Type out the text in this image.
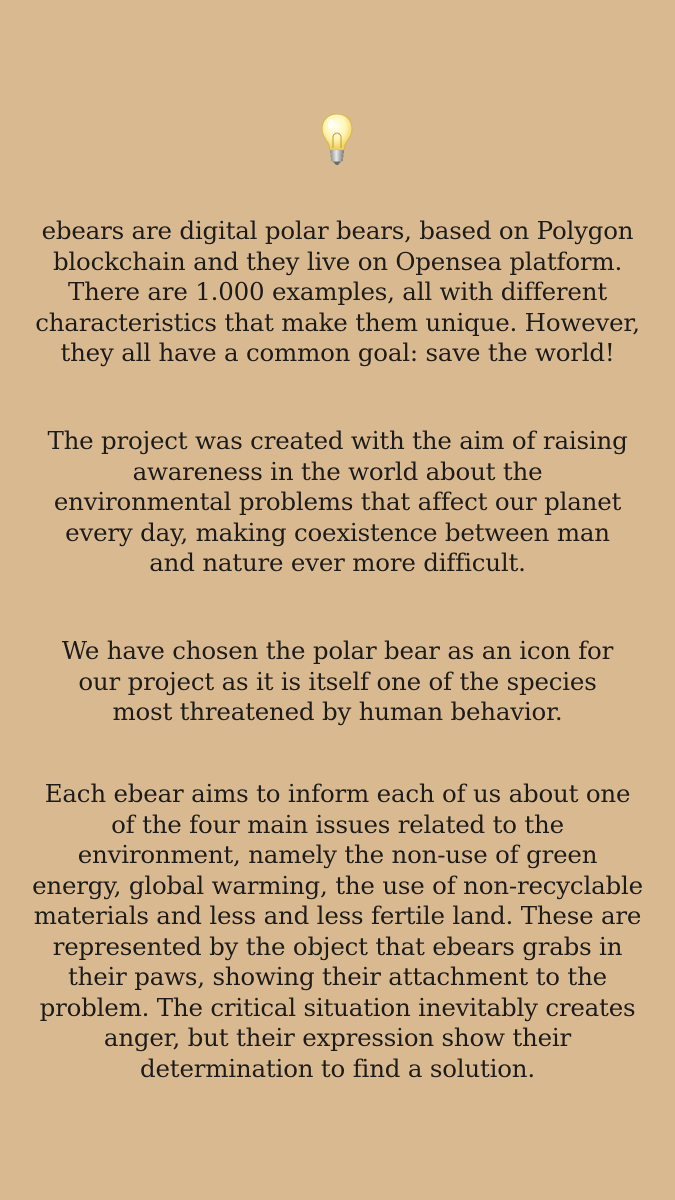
ebears are digital polar bears, based on Polygon
blockchain and they live on Opensea platform.
There are 1.000 examples, all with different
characteristics that make them unique. However,
they all have a common goal: save the world!
The project was created with the aim of raising
awareness in the world about the
environmental problems that affect our planet
every day, making coexistence between man
and nature ever more difficult.
We have chosen the polar bear as an icon for
our project as it is itself one of the species
most threatened by human behavior.
Each ebear aims to inform each of us about one
of the four main issues related to the
environment, namely the non-use of green
energy, global warming, the use of non-recyclable
materials and less and less fertile land. These are
represented by the object that ebears grabs in
their paws, showing their attachment to the
problem. The critical situation inevitably creates
anger, but their expression show their
determination to find a solution.
